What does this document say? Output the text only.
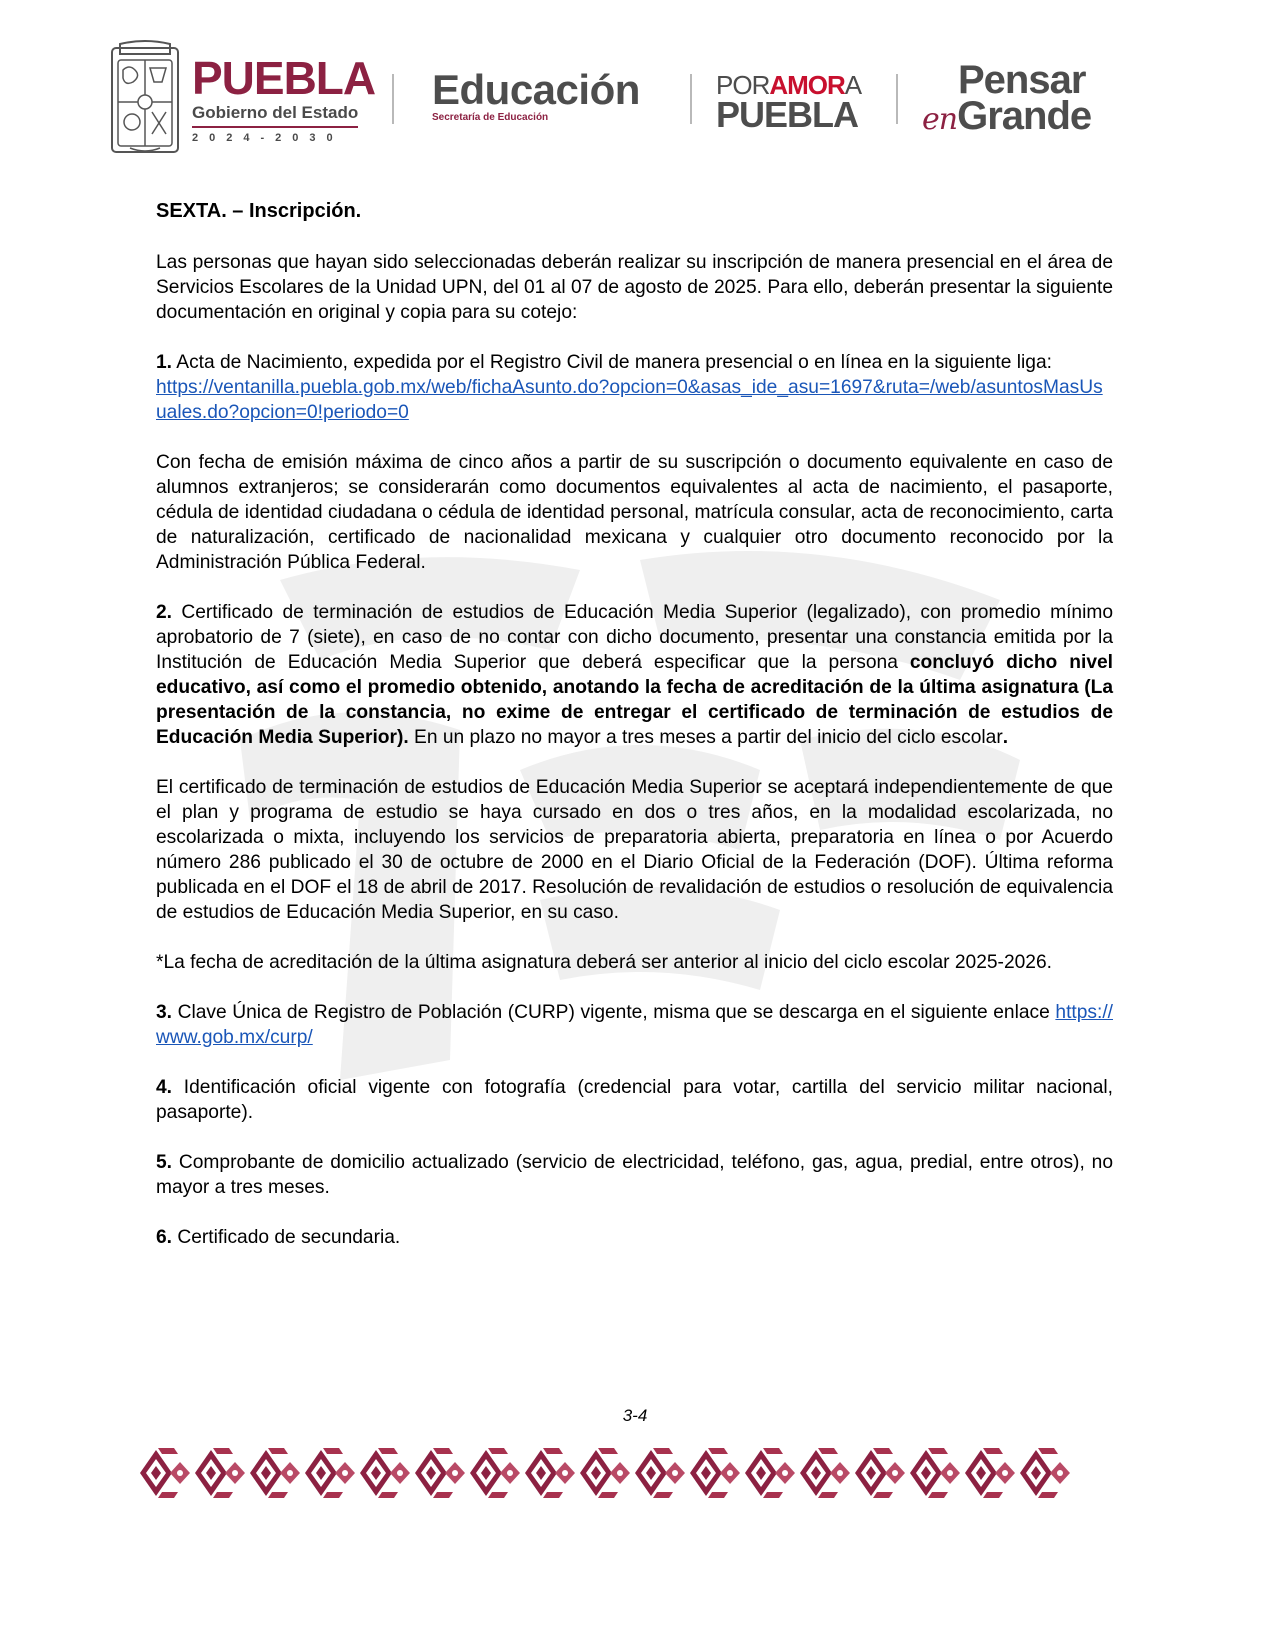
PUEBLA
Gobierno del Estado
2024-2030
Educación
Secretaría de Educación
PORAMORA
PUEBLA
Pensar
enGrande

SEXTA. – Inscripción.

Las personas que hayan sido seleccionadas deberán realizar su inscripción de manera presencial en el área de Servicios Escolares de la Unidad UPN, del 01 al 07 de agosto de 2025. Para ello, deberán presentar la siguiente documentación en original y copia para su cotejo:

1. Acta de Nacimiento, expedida por el Registro Civil de manera presencial o en línea en la siguiente liga:
https://ventanilla.puebla.gob.mx/web/fichaAsunto.do?opcion=0&asas_ide_asu=1697&ruta=/web/asuntosMasUsuales.do?opcion=0!periodo=0

Con fecha de emisión máxima de cinco años a partir de su suscripción o documento equivalente en caso de alumnos extranjeros; se considerarán como documentos equivalentes al acta de nacimiento, el pasaporte, cédula de identidad ciudadana o cédula de identidad personal, matrícula consular, acta de reconocimiento, carta de naturalización, certificado de nacionalidad mexicana y cualquier otro documento reconocido por la Administración Pública Federal.

2. Certificado de terminación de estudios de Educación Media Superior (legalizado), con promedio mínimo aprobatorio de 7 (siete), en caso de no contar con dicho documento, presentar una constancia emitida por la Institución de Educación Media Superior que deberá especificar que la persona concluyó dicho nivel educativo, así como el promedio obtenido, anotando la fecha de acreditación de la última asignatura (La presentación de la constancia, no exime de entregar el certificado de terminación de estudios de Educación Media Superior). En un plazo no mayor a tres meses a partir del inicio del ciclo escolar.

El certificado de terminación de estudios de Educación Media Superior se aceptará independientemente de que el plan y programa de estudio se haya cursado en dos o tres años, en la modalidad escolarizada, no escolarizada o mixta, incluyendo los servicios de preparatoria abierta, preparatoria en línea o por Acuerdo número 286 publicado el 30 de octubre de 2000 en el Diario Oficial de la Federación (DOF). Última reforma publicada en el DOF el 18 de abril de 2017. Resolución de revalidación de estudios o resolución de equivalencia de estudios de Educación Media Superior, en su caso.

*La fecha de acreditación de la última asignatura deberá ser anterior al inicio del ciclo escolar 2025-2026.

3. Clave Única de Registro de Población (CURP) vigente, misma que se descarga en el siguiente enlace https://www.gob.mx/curp/

4. Identificación oficial vigente con fotografía (credencial para votar, cartilla del servicio militar nacional, pasaporte).

5. Comprobante de domicilio actualizado (servicio de electricidad, teléfono, gas, agua, predial, entre otros), no mayor a tres meses.

6. Certificado de secundaria.

3-4
